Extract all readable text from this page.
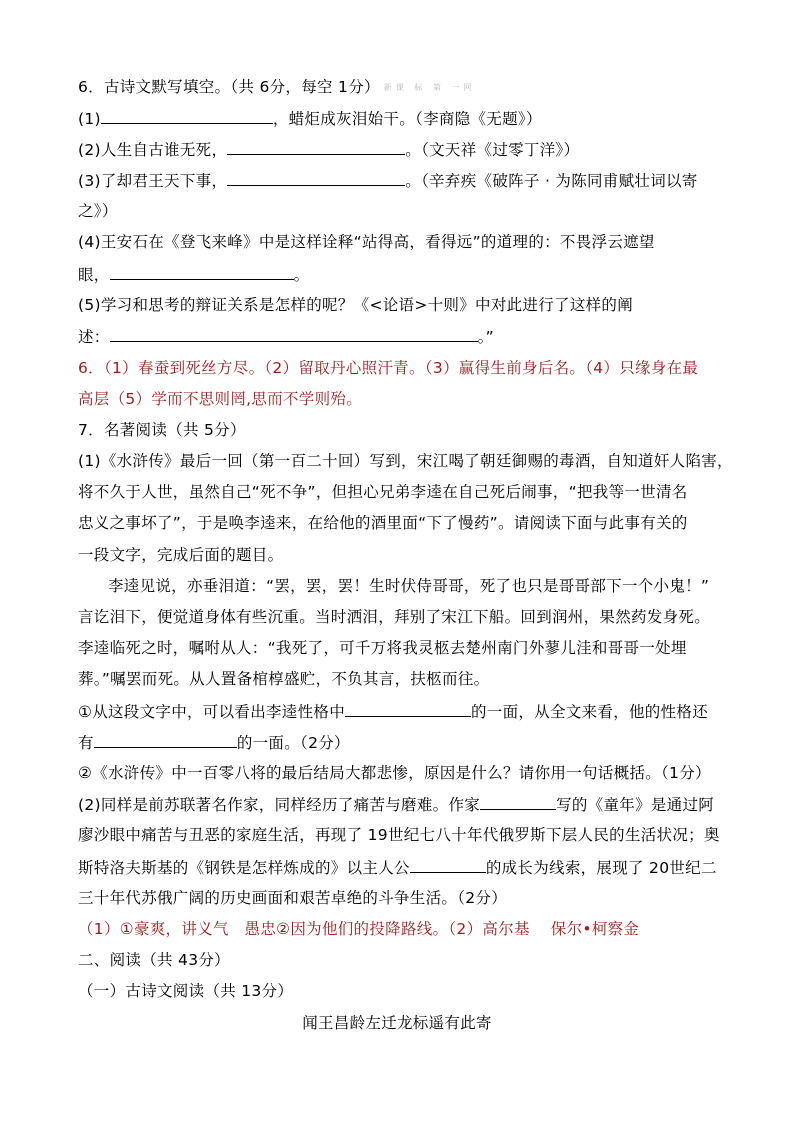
6．古诗文默写填空。（共 6分，每空 1分） 新课 标 第 一网
(1)	，蜡炬成灰泪始干。（李商隐《无题》）
(2)人生自古谁无死，	。（文天祥《过零丁洋》）
(3)了却君王天下事，	。（辛弃疾《破阵子 · 为陈同甫赋壮词以寄
之》）
(4)王安石在《登飞来峰》中是这样诠释“站得高，看得远”的道理的：不畏浮云遮望
眼，	。
(5)学习和思考的辩证关系是怎样的呢？《<论语>十则》中对此进行了这样的阐
述：	。”
6．（1）春蚕到死丝方尽。（2）留取丹心照汗青。（3）赢得生前身后名。（4）只缘身在最
高层（5）学而不思则罔,思而不学则殆。
7．名著阅读（共 5分）
(1)《水浒传》最后一回（第一百二十回）写到，宋江喝了朝廷御赐的毒酒，自知道奸人陷害，
将不久于人世，虽然自己“死不争”，但担心兄弟李逵在自己死后闹事，“把我等一世清名
忠义之事坏了”，于是唤李逵来，在给他的酒里面“下了慢药”。请阅读下面与此事有关的
一段文字，完成后面的题目。
李逵见说，亦垂泪道：“罢，罢，罢！生时伏侍哥哥，死了也只是哥哥部下一个小鬼！”
言讫泪下，便觉道身体有些沉重。当时洒泪，拜别了宋江下船。回到润州，果然药发身死。
李逵临死之时，嘱咐从人：“我死了，可千万将我灵柩去楚州南门外蓼儿洼和哥哥一处埋
葬。”嘱罢而死。从人置备棺椁盛贮，不负其言，扶柩而往。
①从这段文字中，可以看出李逵性格中	的一面，从全文来看，他的性格还
有	的一面。（2分）
②《水浒传》中一百零八将的最后结局大都悲惨，原因是什么？请你用一句话概括。（1分）
(2)同样是前苏联著名作家，同样经历了痛苦与磨难。作家	写的《童年》是通过阿
廖沙眼中痛苦与丑恶的家庭生活，再现了 19世纪七八十年代俄罗斯下层人民的生活状况；奥
斯特洛夫斯基的《钢铁是怎样炼成的》以主人公	的成长为线索，展现了 20世纪二
三十年代苏俄广阔的历史画面和艰苦卓绝的斗争生活。（2分）
（1）①豪爽，讲义气　愚忠②因为他们的投降路线。（2）高尔基　 保尔•柯察金
二、阅读（共 43分）
（一）古诗文阅读（共 13分）
闻王昌龄左迁龙标遥有此寄
